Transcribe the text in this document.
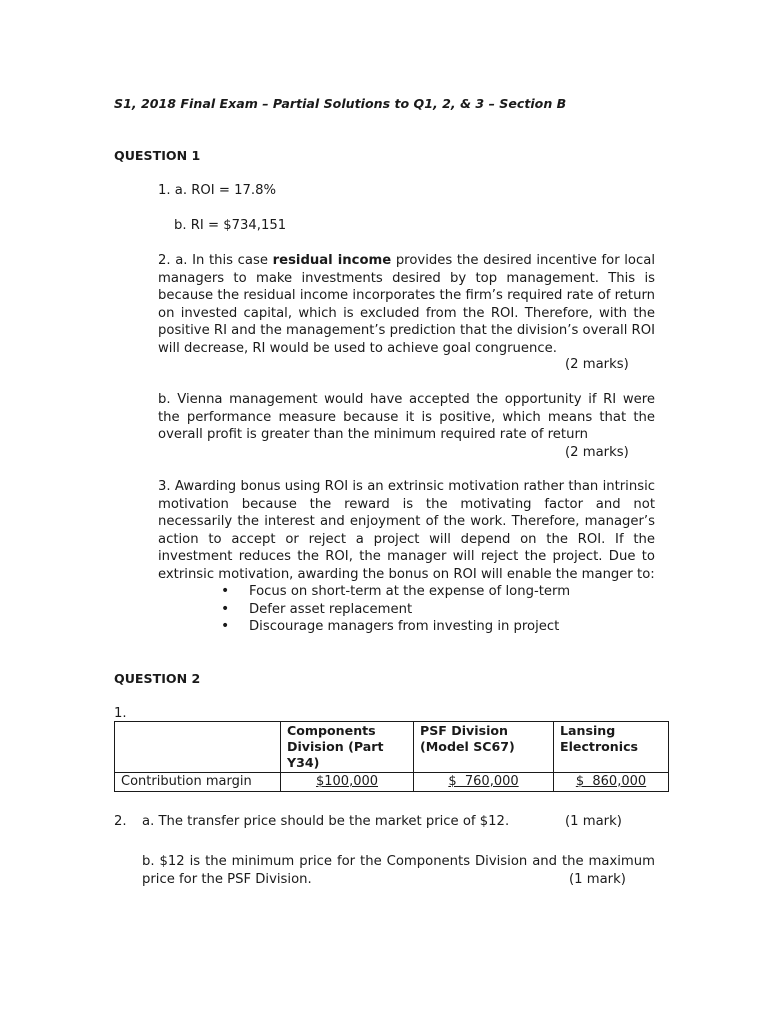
S1, 2018 Final Exam – Partial Solutions to Q1, 2, & 3 – Section B
QUESTION 1
1. a. ROI = 17.8%
b. RI = $734,151
2. a. In this case residual income provides the desired incentive for local managers to make investments desired by top management. This is because the residual income incorporates the firm’s required rate of return on invested capital, which is excluded from the ROI. Therefore, with the positive RI and the management’s prediction that the division’s overall ROI will decrease, RI would be used to achieve goal congruence.
(2 marks)
b. Vienna management would have accepted the opportunity if RI were the performance measure because it is positive, which means that the overall profit is greater than the minimum required rate of return
(2 marks)
3. Awarding bonus using ROI is an extrinsic motivation rather than intrinsic motivation because the reward is the motivating factor and not necessarily the interest and enjoyment of the work. Therefore, manager’s action to accept or reject a project will depend on the ROI. If the investment reduces the ROI, the manager will reject the project. Due to extrinsic motivation, awarding the bonus on ROI will enable the manger to:
• Focus on short-term at the expense of long-term
• Defer asset replacement
• Discourage managers from investing in project
QUESTION 2
1.
	Components Division (Part Y34)	PSF Division (Model SC67)	Lansing Electronics
Contribution margin	$100,000	$  760,000	$  860,000
2. a. The transfer price should be the market price of $12.	(1 mark)
b. $12 is the minimum price for the Components Division and the maximum price for the PSF Division.	(1 mark)
